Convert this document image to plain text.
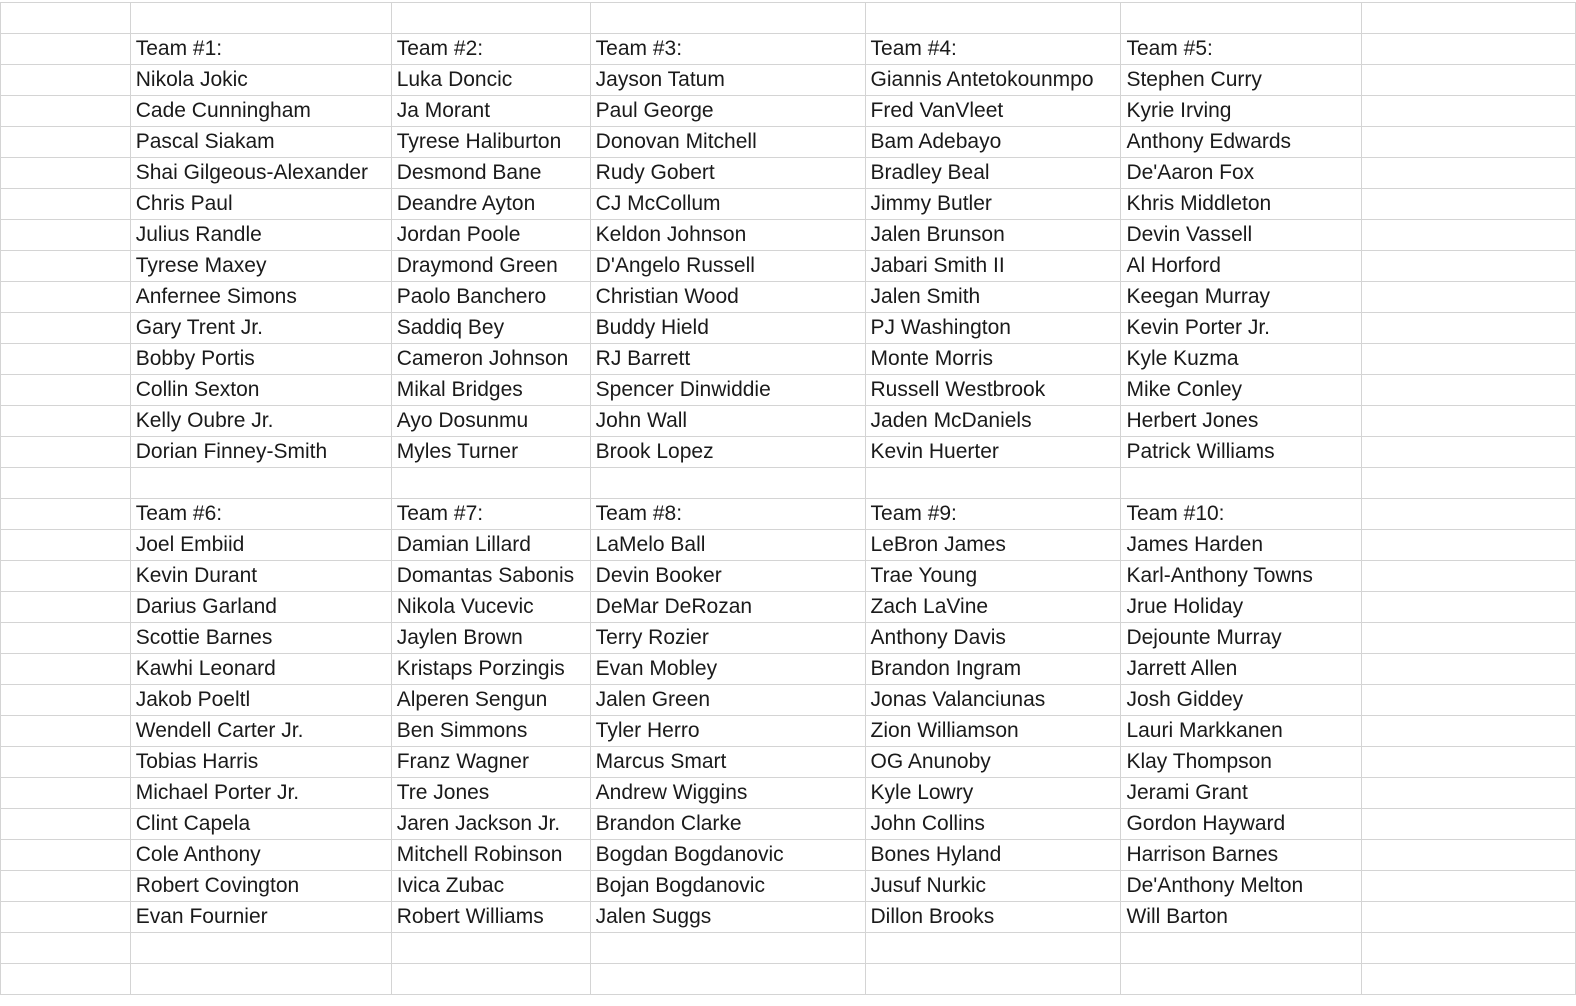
	Team #1:	Team #2:	Team #3:	Team #4:	Team #5:	
	Nikola Jokic	Luka Doncic	Jayson Tatum	Giannis Antetokounmpo	Stephen Curry	
	Cade Cunningham	Ja Morant	Paul George	Fred VanVleet	Kyrie Irving	
	Pascal Siakam	Tyrese Haliburton	Donovan Mitchell	Bam Adebayo	Anthony Edwards	
	Shai Gilgeous-Alexander	Desmond Bane	Rudy Gobert	Bradley Beal	De'Aaron Fox	
	Chris Paul	Deandre Ayton	CJ McCollum	Jimmy Butler	Khris Middleton	
	Julius Randle	Jordan Poole	Keldon Johnson	Jalen Brunson	Devin Vassell	
	Tyrese Maxey	Draymond Green	D'Angelo Russell	Jabari Smith II	Al Horford	
	Anfernee Simons	Paolo Banchero	Christian Wood	Jalen Smith	Keegan Murray	
	Gary Trent Jr.	Saddiq Bey	Buddy Hield	PJ Washington	Kevin Porter Jr.	
	Bobby Portis	Cameron Johnson	RJ Barrett	Monte Morris	Kyle Kuzma	
	Collin Sexton	Mikal Bridges	Spencer Dinwiddie	Russell Westbrook	Mike Conley	
	Kelly Oubre Jr.	Ayo Dosunmu	John Wall	Jaden McDaniels	Herbert Jones	
	Dorian Finney-Smith	Myles Turner	Brook Lopez	Kevin Huerter	Patrick Williams	

	Team #6:	Team #7:	Team #8:	Team #9:	Team #10:	
	Joel Embiid	Damian Lillard	LaMelo Ball	LeBron James	James Harden	
	Kevin Durant	Domantas Sabonis	Devin Booker	Trae Young	Karl-Anthony Towns	
	Darius Garland	Nikola Vucevic	DeMar DeRozan	Zach LaVine	Jrue Holiday	
	Scottie Barnes	Jaylen Brown	Terry Rozier	Anthony Davis	Dejounte Murray	
	Kawhi Leonard	Kristaps Porzingis	Evan Mobley	Brandon Ingram	Jarrett Allen	
	Jakob Poeltl	Alperen Sengun	Jalen Green	Jonas Valanciunas	Josh Giddey	
	Wendell Carter Jr.	Ben Simmons	Tyler Herro	Zion Williamson	Lauri Markkanen	
	Tobias Harris	Franz Wagner	Marcus Smart	OG Anunoby	Klay Thompson	
	Michael Porter Jr.	Tre Jones	Andrew Wiggins	Kyle Lowry	Jerami Grant	
	Clint Capela	Jaren Jackson Jr.	Brandon Clarke	John Collins	Gordon Hayward	
	Cole Anthony	Mitchell Robinson	Bogdan Bogdanovic	Bones Hyland	Harrison Barnes	
	Robert Covington	Ivica Zubac	Bojan Bogdanovic	Jusuf Nurkic	De'Anthony Melton	
	Evan Fournier	Robert Williams	Jalen Suggs	Dillon Brooks	Will Barton	
